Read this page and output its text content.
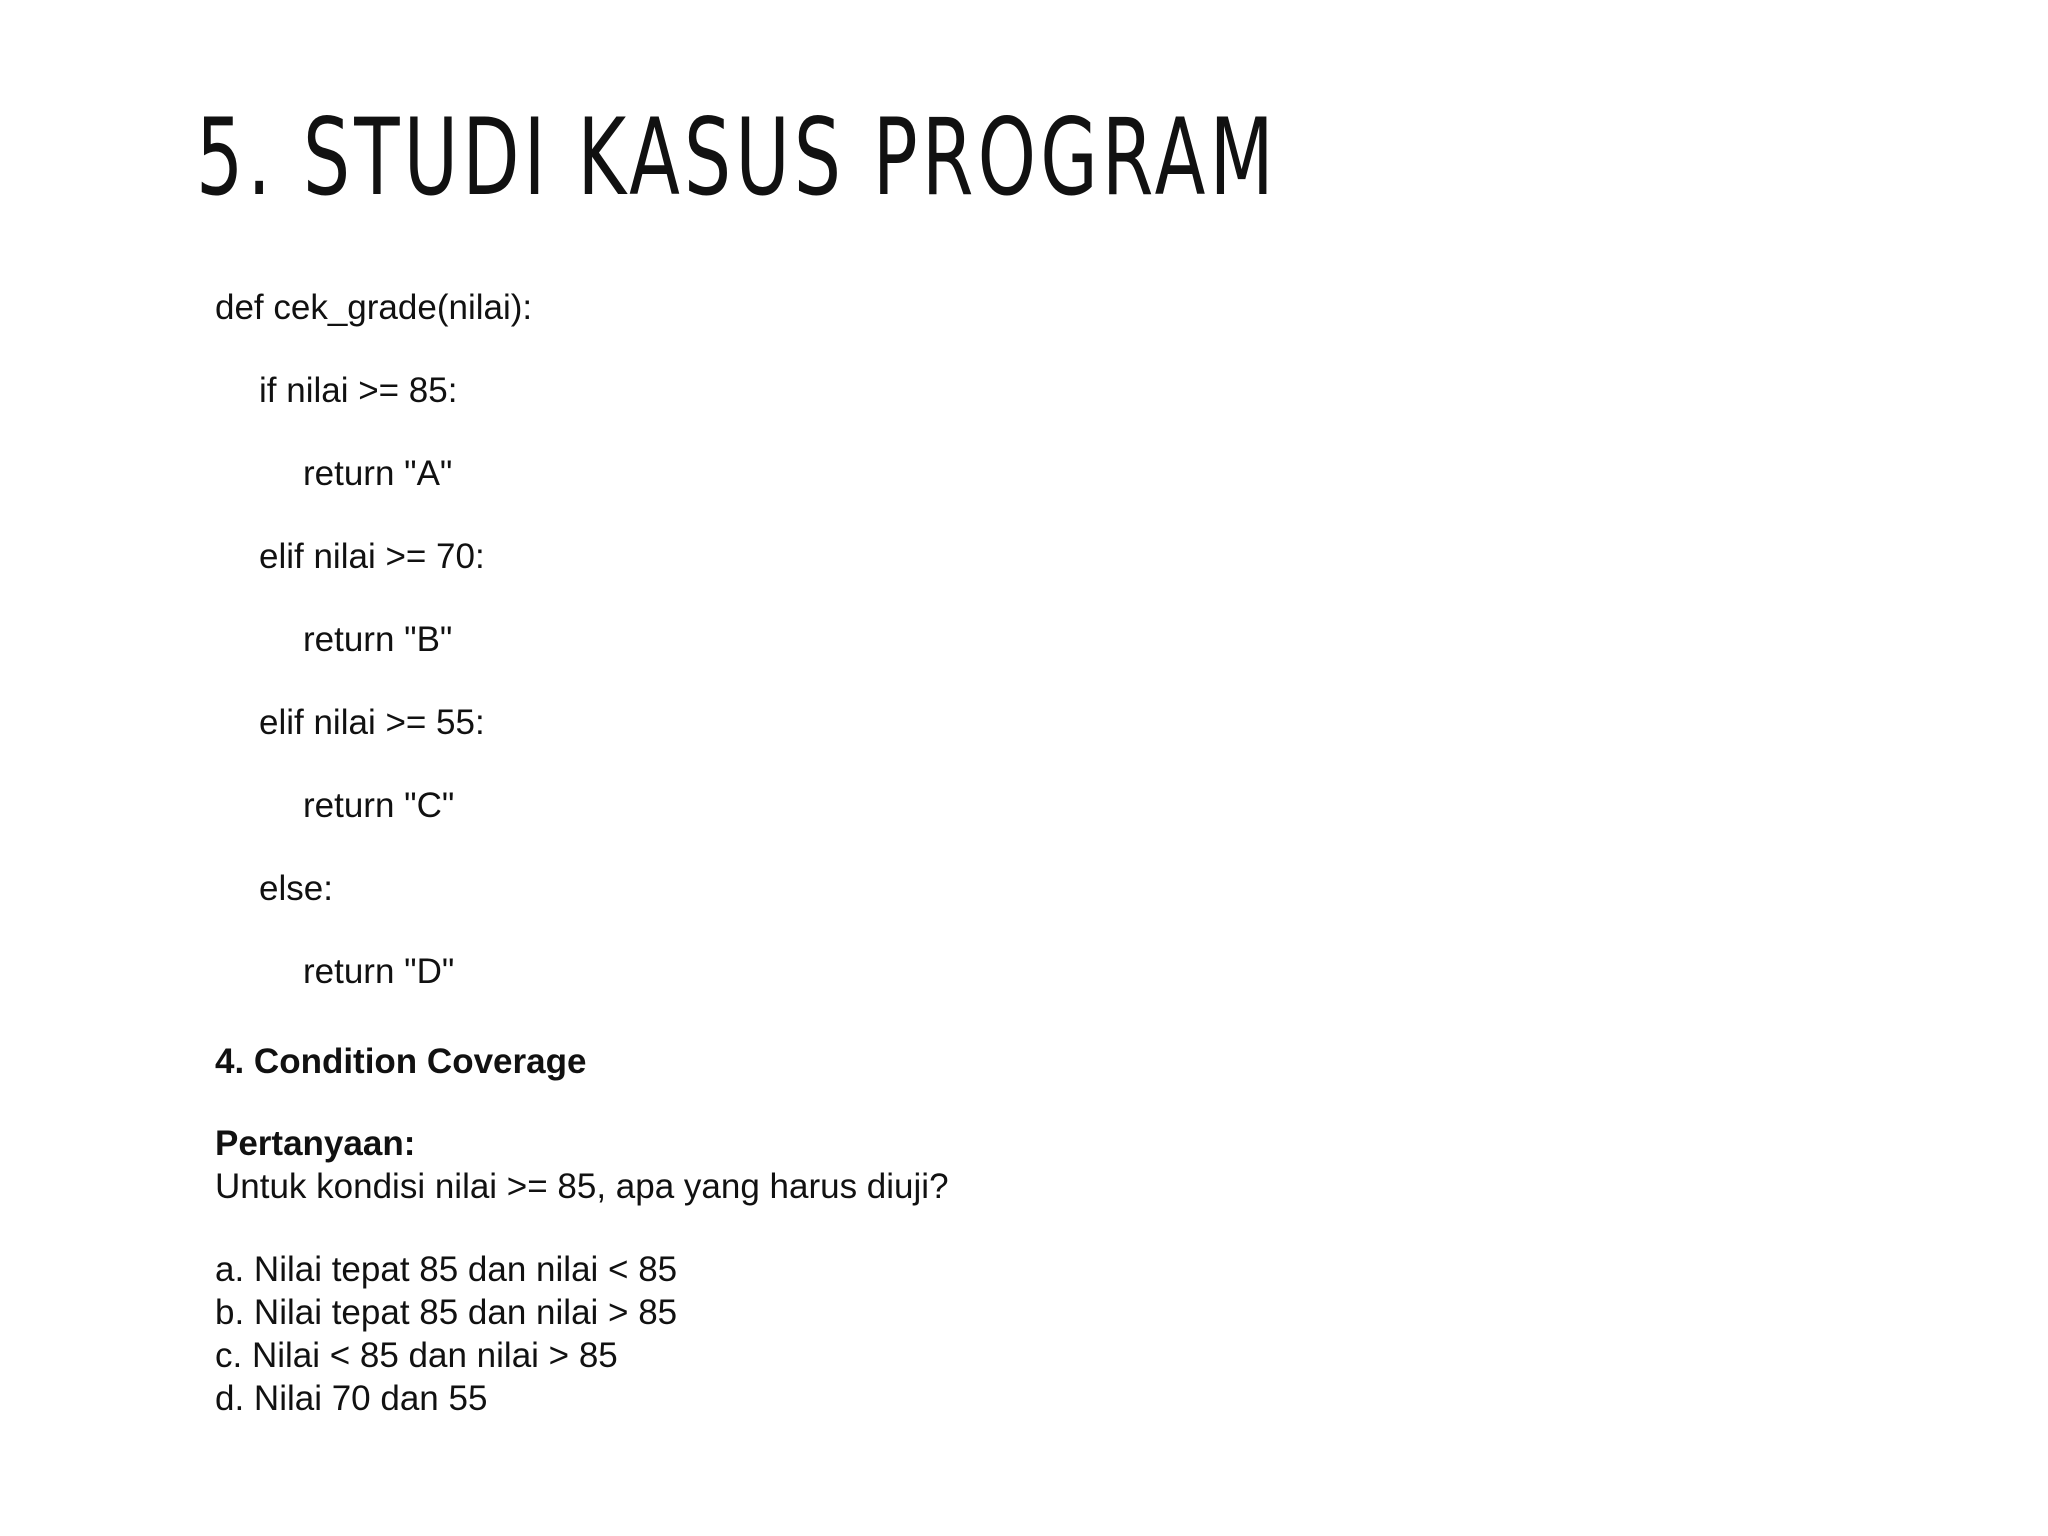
5. STUDI KASUS PROGRAM
def cek_grade(nilai):
if nilai >= 85:
return "A"
elif nilai >= 70:
return "B"
elif nilai >= 55:
return "C"
else:
return "D"
4. Condition Coverage
Pertanyaan:
Untuk kondisi nilai >= 85, apa yang harus diuji?
a. Nilai tepat 85 dan nilai < 85
b. Nilai tepat 85 dan nilai > 85
c. Nilai < 85 dan nilai > 85
d. Nilai 70 dan 55
